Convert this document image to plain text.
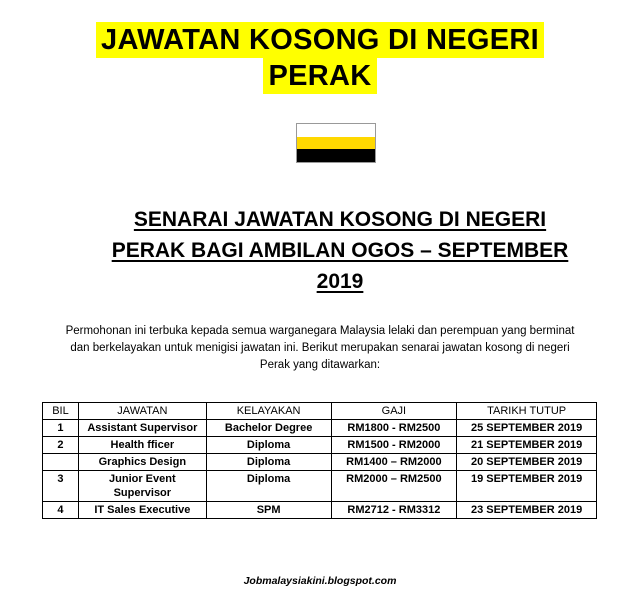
JAWATAN KOSONG DI NEGERI
PERAK
SENARAI JAWATAN KOSONG DI NEGERI PERAK BAGI AMBILAN OGOS – SEPTEMBER 2019
Permohonan ini terbuka kepada semua warganegara Malaysia lelaki dan perempuan yang berminat dan berkelayakan untuk menigisi jawatan ini. Berikut merupakan senarai jawatan kosong di negeri Perak yang ditawarkan:
BIL	JAWATAN	KELAYAKAN	GAJI	TARIKH TUTUP
1	Assistant Supervisor	Bachelor Degree	RM1800 - RM2500	25 SEPTEMBER 2019
2	Health fficer	Diploma	RM1500 - RM2000	21 SEPTEMBER 2019
	Graphics Design	Diploma	RM1400 – RM2000	20 SEPTEMBER 2019
3	Junior Event Supervisor	Diploma	RM2000 – RM2500	19 SEPTEMBER 2019
4	IT Sales Executive	SPM	RM2712 - RM3312	23 SEPTEMBER 2019
Jobmalaysiakini.blogspot.com
